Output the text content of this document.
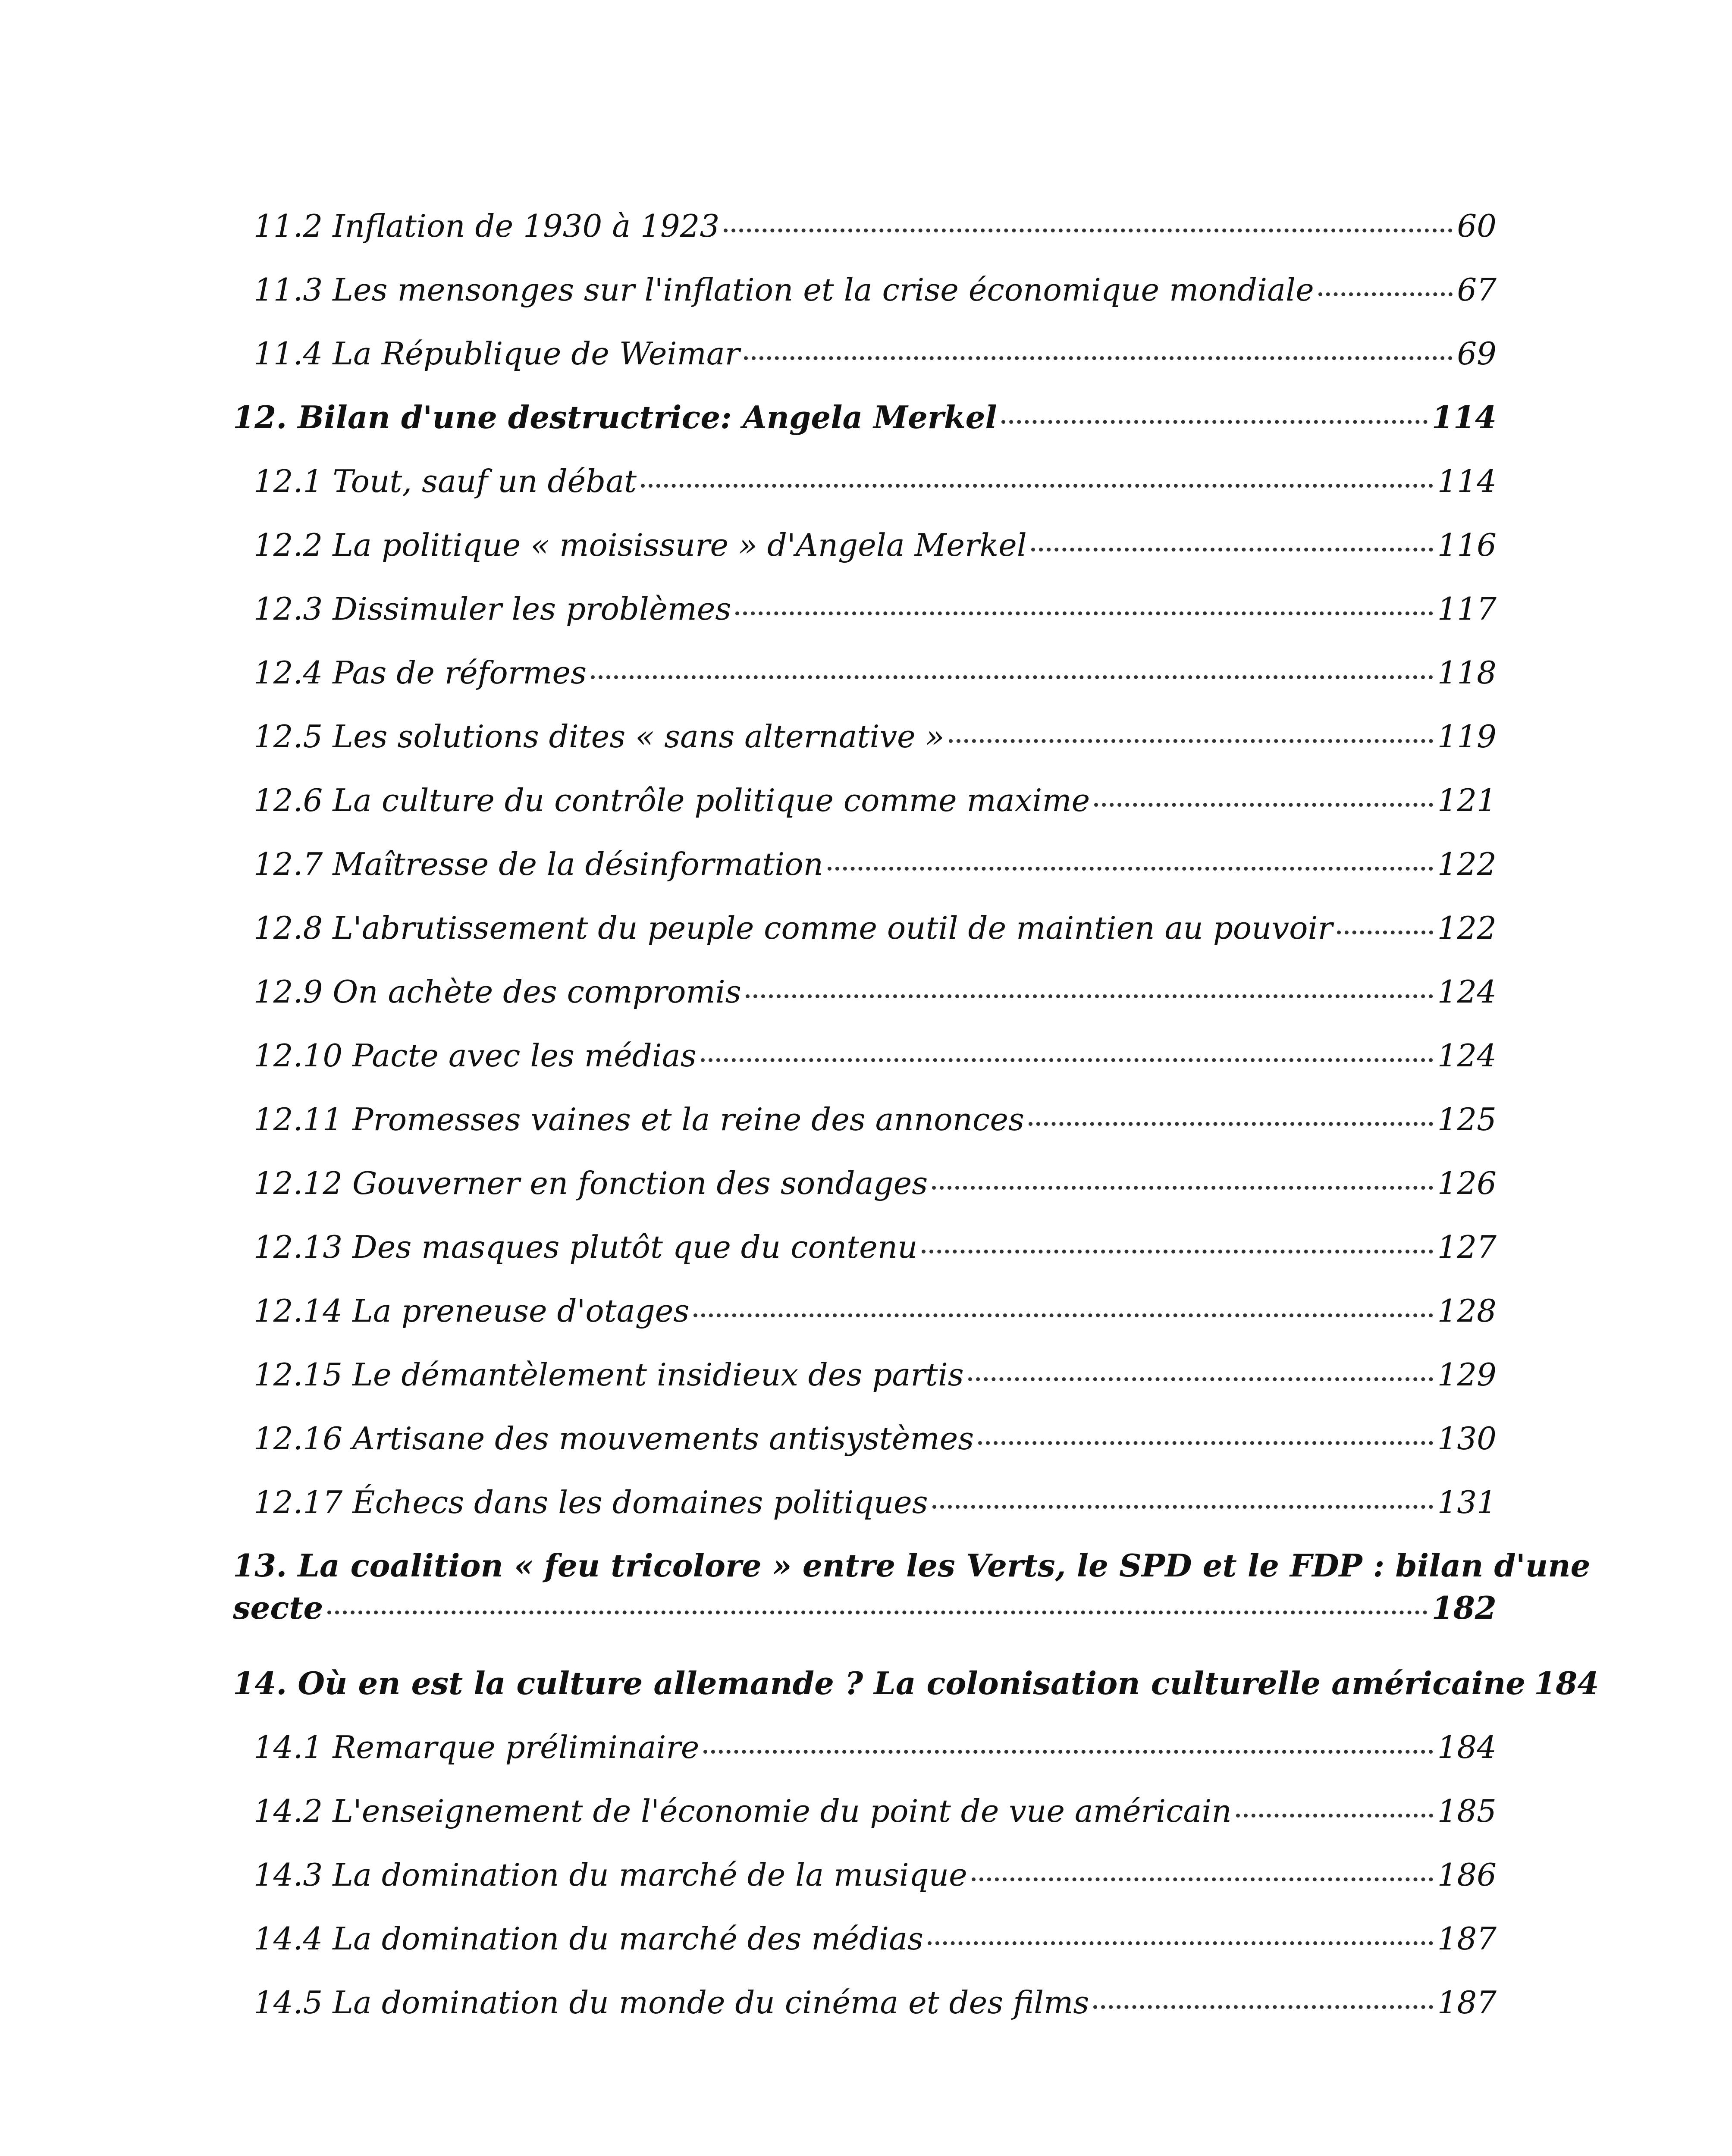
11.2 Inflation de 1930 à 1923	60
11.3 Les mensonges sur l'inflation et la crise économique mondiale	67
11.4 La République de Weimar	69
12. Bilan d'une destructrice: Angela Merkel	114
12.1 Tout, sauf un débat	114
12.2 La politique « moisissure » d'Angela Merkel	116
12.3 Dissimuler les problèmes	117
12.4 Pas de réformes	118
12.5 Les solutions dites « sans alternative »	119
12.6 La culture du contrôle politique comme maxime	121
12.7 Maîtresse de la désinformation	122
12.8 L'abrutissement du peuple comme outil de maintien au pouvoir	122
12.9 On achète des compromis	124
12.10 Pacte avec les médias	124
12.11 Promesses vaines et la reine des annonces	125
12.12 Gouverner en fonction des sondages	126
12.13 Des masques plutôt que du contenu	127
12.14 La preneuse d'otages	128
12.15 Le démantèlement insidieux des partis	129
12.16 Artisane des mouvements antisystèmes	130
12.17 Échecs dans les domaines politiques	131
13. La coalition « feu tricolore » entre les Verts, le SPD et le FDP : bilan d'une
secte	182
14. Où en est la culture allemande ? La colonisation culturelle américaine 184
14.1 Remarque préliminaire	184
14.2 L'enseignement de l'économie du point de vue américain	185
14.3 La domination du marché de la musique	186
14.4 La domination du marché des médias	187
14.5 La domination du monde du cinéma et des films	187
